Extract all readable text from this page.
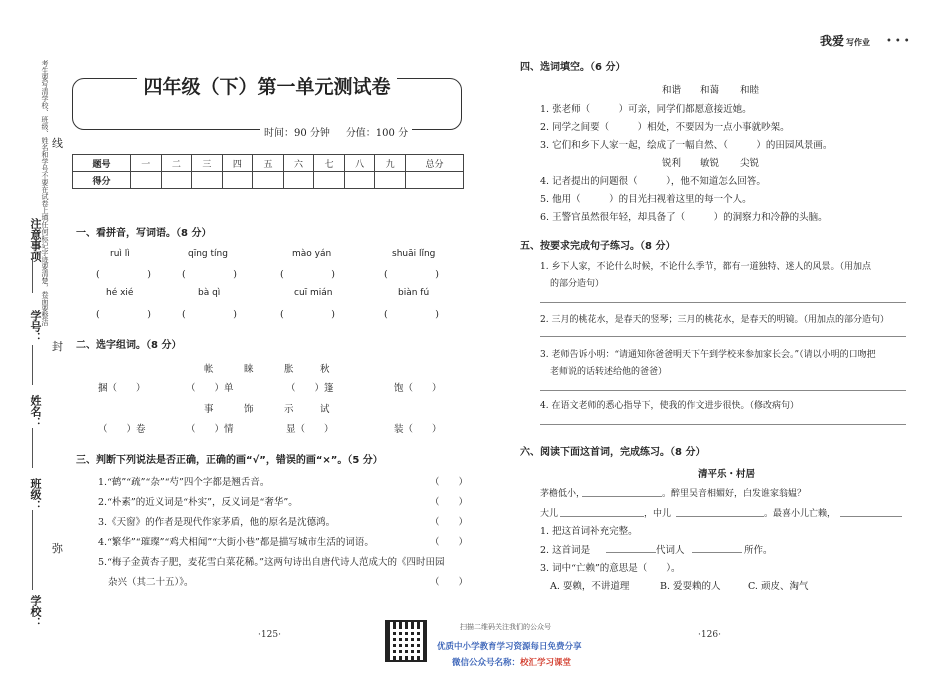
考生要写清学校、班级、姓名和学号不要在试卷上填任何标记字迹要清楚，卷面要整洁
注意事项
学号：
姓名：
班级：
学校：
线
封
弥
我爱 写作业 •••
四年级（下）第一单元测试卷
时间：90 分钟 分值：100 分
题号	一	二	三	四	五	六	七	八	九	总分
得分										
一、看拼音，写词语。（8 分）
ruì lì	qīng tíng	mào yán	shuāi lǐng
(　　　　　)	(　　　　　)	(　　　　　)	(　　　　　)
hé xié	bà qì	cuī mián	biàn fú
(　　　　　)	(　　　　　)	(　　　　　)	(　　　　　)
二、选字组词。（8 分）
帐	睐	胀	秋
捆（　　）	（　　）单	（　　）篷	饱（　　）
事	饰	示	试
（　　）卷	（　　）情	显（　　）	装（　　）
三、判断下列说法是否正确，正确的画“√”，错误的画“×”。（5 分）
1.“鹤”“疏”“杂”“芍”四个字都是翘舌音。
2.“朴素”的近义词是“朴实”，反义词是“奢华”。
3.《天窗》的作者是现代作家茅盾，他的原名是沈德鸿。
4.“繁华”“璀璨”“鸡犬相闻”“大街小巷”都是描写城市生活的词语。
5.“梅子金黄杏子肥，麦花雪白菜花稀。”这两句诗出自唐代诗人范成大的《四时田园
杂兴（其二十五）》。
（　　）
（　　）
（　　）
（　　）
（　　）
四、选词填空。（6 分）
和谐 和蔼 和睦
1. 张老师（　　　）可亲，同学们都愿意接近她。
2. 同学之间要（　　　）相处，不要因为一点小事就吵架。
3. 它们和乡下人家一起，绘成了一幅自然、（　　　）的田园风景画。
锐利 敏锐 尖锐
4. 记者提出的问题很（　　　），他不知道怎么回答。
5. 他用（　　　）的目光扫视着这里的每一个人。
6. 王警官虽然很年轻，却具备了（　　　）的洞察力和冷静的头脑。
五、按要求完成句子练习。（8 分）
1. 乡下人家，不论什么时候，不论什么季节，都有一道独特、迷人的风景。（用加点
的部分造句）
2. 三月的桃花水，是春天的竖琴；三月的桃花水，是春天的明镜。（用加点的部分造句）
3. 老师告诉小明：“请通知你爸爸明天下午到学校来参加家长会。”（请以小明的口吻把
老师说的话转述给他的爸爸）
4. 在语文老师的悉心指导下，使我的作文进步很快。（修改病句）
六、阅读下面这首词，完成练习。（8 分）
清平乐・村居
茅檐低小，	。醉里吴音相媚好，白发谁家翁媪？
大儿	，中儿	。最喜小儿亡赖，
1. 把这首词补充完整。
2. 这首词是	代词人	所作。
3. 词中“亡赖”的意思是（　　）。
A. 耍赖，不讲道理	B. 爱耍赖的人	C. 顽皮、淘气
·125·	·126·
扫描二维码关注我们的公众号
优质中小学教育学习资源每日免费分享
微信公众号名称：校汇学习课堂
